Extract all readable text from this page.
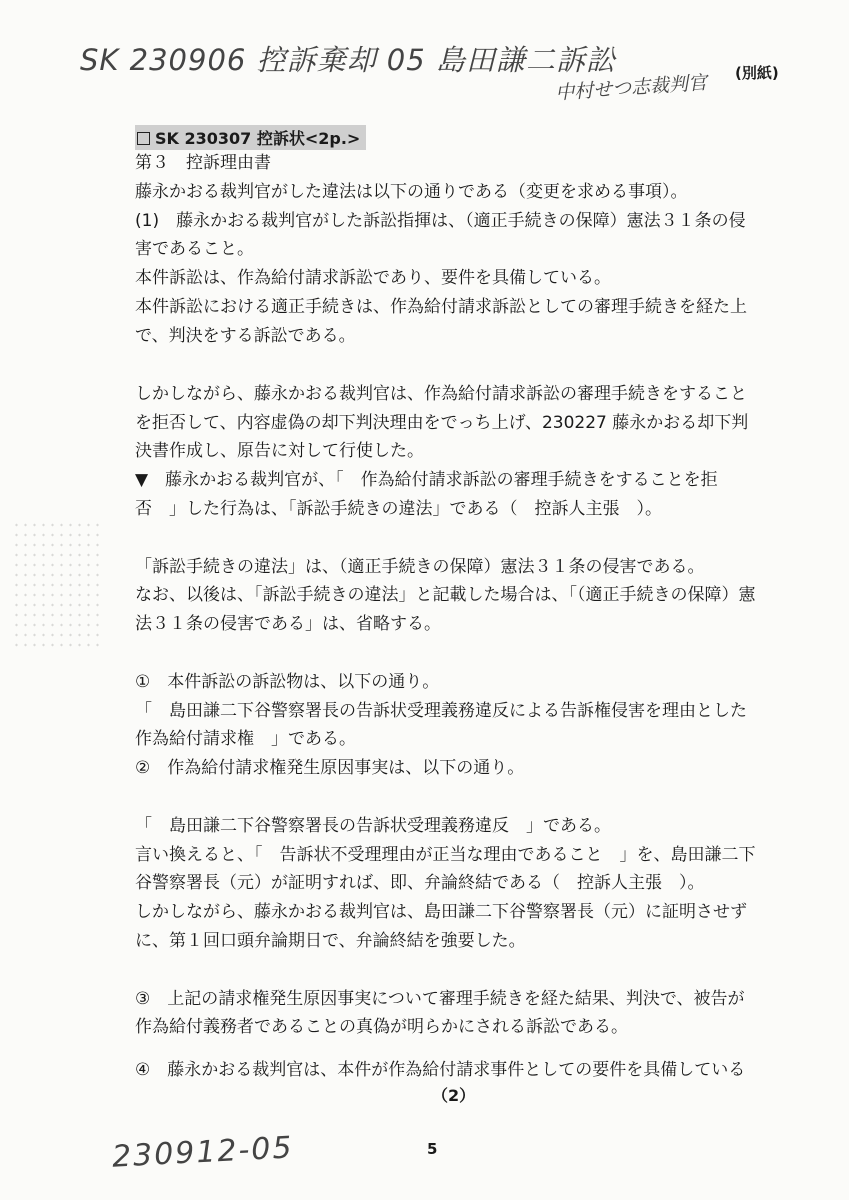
SK 230906 控訴棄却 05 島田謙二訴訟
中村せつ志裁判官 (別紙)
SK 230307 控訴状<2p.>
第３　控訴理由書
藤永かおる裁判官がした違法は以下の通りである（変更を求める事項）。
(1)　藤永かおる裁判官がした訴訟指揮は、（適正手続きの保障）憲法３１条の侵
害であること。
本件訴訟は、作為給付請求訴訟であり、要件を具備している。
本件訴訟における適正手続きは、作為給付請求訴訟としての審理手続きを経た上
で、判決をする訴訟である。
しかしながら、藤永かおる裁判官は、作為給付請求訴訟の審理手続きをすること
を拒否して、内容虚偽の却下判決理由をでっち上げ、230227 藤永かおる却下判
決書作成し、原告に対して行使した。
▼　藤永かおる裁判官が、「　作為給付請求訴訟の審理手続きをすることを拒
否　」した行為は、「訴訟手続きの違法」である（　控訴人主張　）。
「訴訟手続きの違法」は、（適正手続きの保障）憲法３１条の侵害である。
なお、以後は、「訴訟手続きの違法」と記載した場合は、「（適正手続きの保障）憲
法３１条の侵害である」は、省略する。
①　本件訴訟の訴訟物は、以下の通り。
「　島田謙二下谷警察署長の告訴状受理義務違反による告訴権侵害を理由とした
作為給付請求権　」である。
②　作為給付請求権発生原因事実は、以下の通り。
「　島田謙二下谷警察署長の告訴状受理義務違反　」である。
言い換えると、「　告訴状不受理理由が正当な理由であること　」を、島田謙二下
谷警察署長（元）が証明すれば、即、弁論終結である（　控訴人主張　）。
しかしながら、藤永かおる裁判官は、島田謙二下谷警察署長（元）に証明させず
に、第１回口頭弁論期日で、弁論終結を強要した。
③　上記の請求権発生原因事実について審理手続きを経た結果、判決で、被告が
作為給付義務者であることの真偽が明らかにされる訴訟である。
④　藤永かおる裁判官は、本件が作為給付請求事件としての要件を具備している
（2）
230912-05	5
